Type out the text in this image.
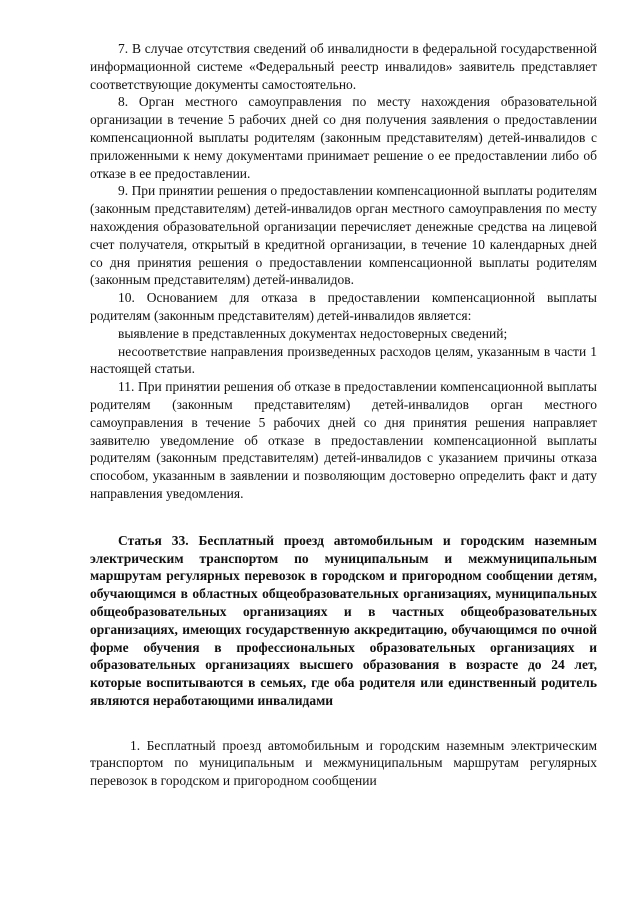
7. В случае отсутствия сведений об инвалидности в федеральной государственной информационной системе «Федеральный реестр инвалидов» заявитель представляет соответствующие документы самостоятельно.

8. Орган местного самоуправления по месту нахождения образовательной организации в течение 5 рабочих дней со дня получения заявления о предоставлении компенсационной выплаты родителям (законным представителям) детей-инвалидов с приложенными к нему документами принимает решение о ее предоставлении либо об отказе в ее предоставлении.

9. При принятии решения о предоставлении компенсационной выплаты родителям (законным представителям) детей-инвалидов орган местного самоуправления по месту нахождения образовательной организации перечисляет денежные средства на лицевой счет получателя, открытый в кредитной организации, в течение 10 календарных дней со дня принятия решения о предоставлении компенсационной выплаты родителям (законным представителям) детей-инвалидов.

10. Основанием для отказа в предоставлении компенсационной выплаты родителям (законным представителям) детей-инвалидов является:

выявление в представленных документах недостоверных сведений;

несоответствие направления произведенных расходов целям, указанным в части 1 настоящей статьи.

11. При принятии решения об отказе в предоставлении компенсационной выплаты родителям (законным представителям) детей-инвалидов орган местного самоуправления в течение 5 рабочих дней со дня принятия решения направляет заявителю уведомление об отказе в предоставлении компенсационной выплаты родителям (законным представителям) детей-инвалидов с указанием причины отказа способом, указанным в заявлении и позволяющим достоверно определить факт и дату направления уведомления.

Статья 33. Бесплатный проезд автомобильным и городским наземным электрическим транспортом по муниципальным и межмуниципальным маршрутам регулярных перевозок в городском и пригородном сообщении детям, обучающимся в областных общеобразовательных организациях, муниципальных общеобразовательных организациях и в частных общеобразовательных организациях, имеющих государственную аккредитацию, обучающимся по очной форме обучения в профессиональных образовательных организациях и образовательных организациях высшего образования в возрасте до 24 лет, которые воспитываются в семьях, где оба родителя или единственный родитель являются неработающими инвалидами

1. Бесплатный проезд автомобильным и городским наземным электрическим транспортом по муниципальным и межмуниципальным маршрутам регулярных перевозок в городском и пригородном сообщении
